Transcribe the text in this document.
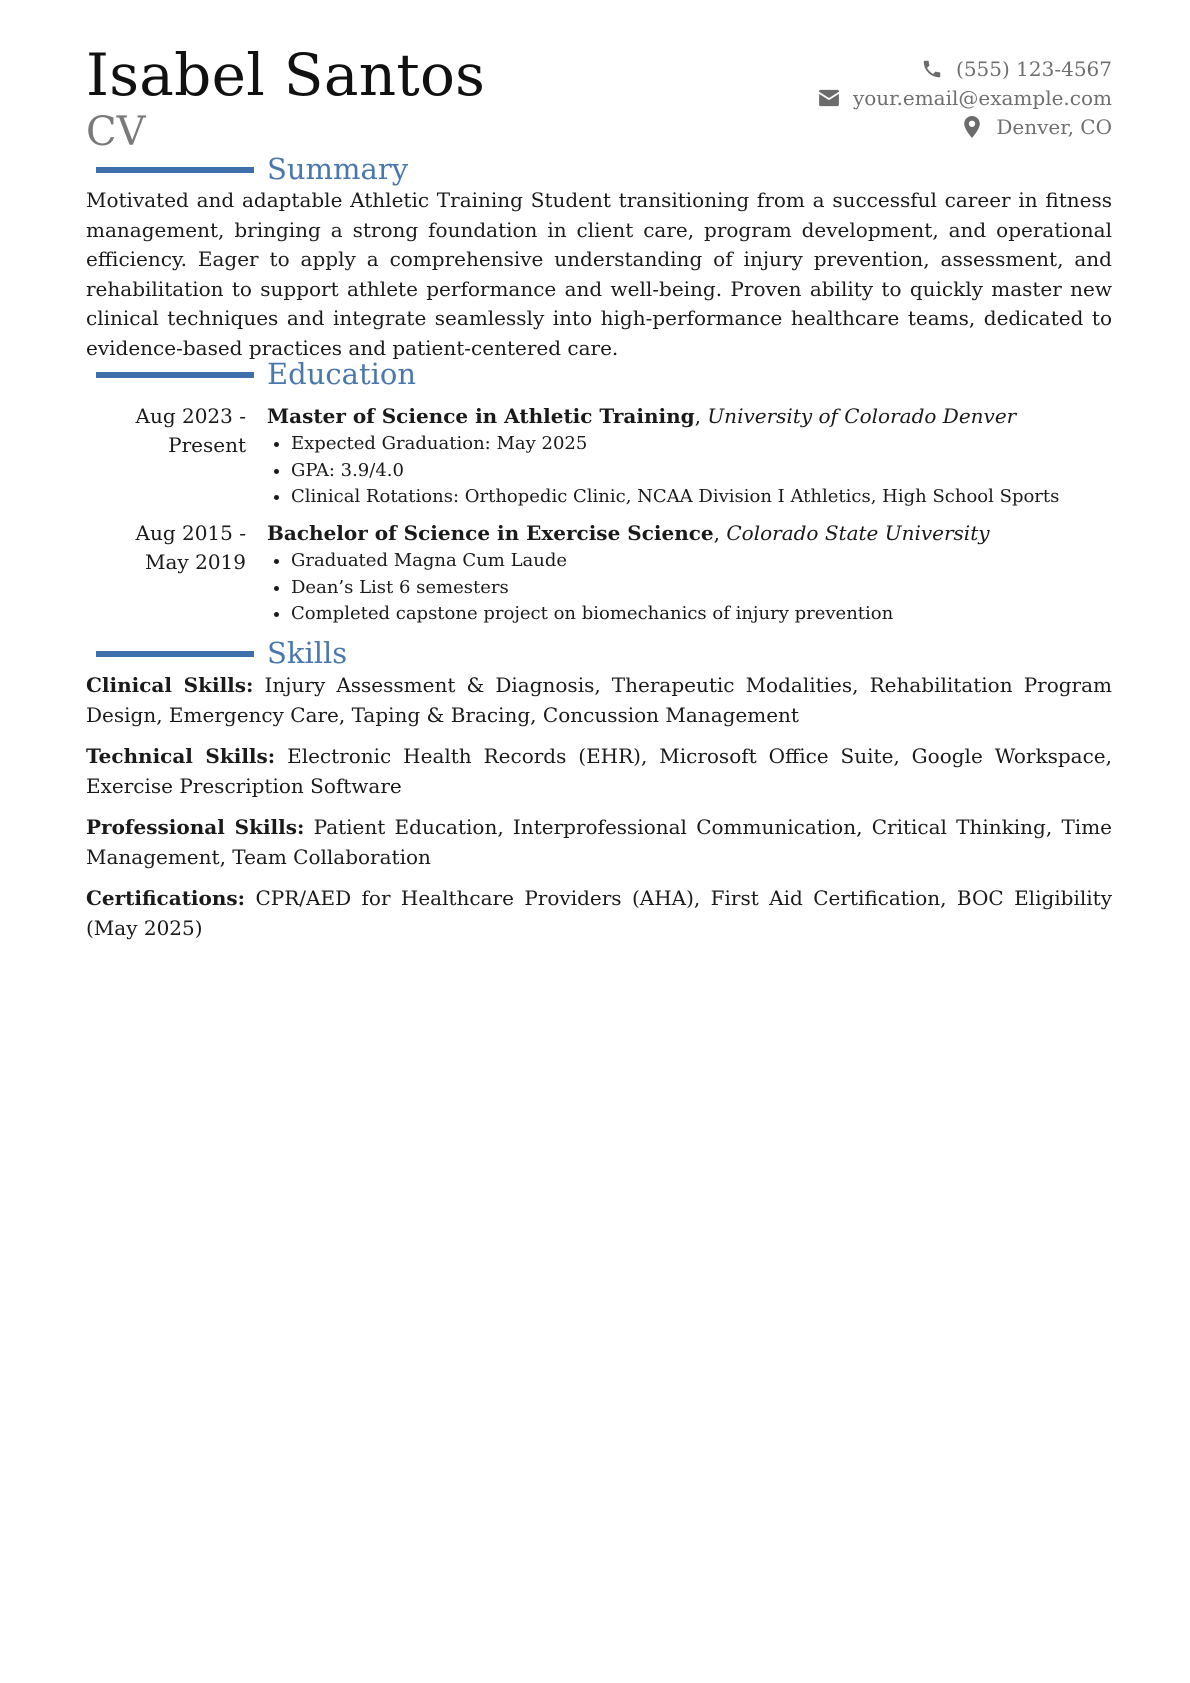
Isabel Santos
CV
(555) 123-4567
your.email@example.com
Denver, CO
Summary
Motivated and adaptable Athletic Training Student transitioning from a successful career in fitness management, bringing a strong foundation in client care, program development, and operational efficiency. Eager to apply a comprehensive understanding of injury prevention, assessment, and rehabilitation to support athlete performance and well-being. Proven ability to quickly master new clinical techniques and integrate seamlessly into high-performance healthcare teams, dedicated to evidence-based practices and patient-centered care.
Education
Aug 2023 -
Present
Master of Science in Athletic Training, University of Colorado Denver
• Expected Graduation: May 2025
• GPA: 3.9/4.0
• Clinical Rotations: Orthopedic Clinic, NCAA Division I Athletics, High School Sports
Aug 2015 -
May 2019
Bachelor of Science in Exercise Science, Colorado State University
• Graduated Magna Cum Laude
• Dean’s List 6 semesters
• Completed capstone project on biomechanics of injury prevention
Skills
Clinical Skills: Injury Assessment & Diagnosis, Therapeutic Modalities, Rehabilitation Program Design, Emergency Care, Taping & Bracing, Concussion Management
Technical Skills: Electronic Health Records (EHR), Microsoft Office Suite, Google Workspace, Exercise Prescription Software
Professional Skills: Patient Education, Interprofessional Communication, Critical Thinking, Time Management, Team Collaboration
Certifications: CPR/AED for Healthcare Providers (AHA), First Aid Certification, BOC Eligibility (May 2025)
